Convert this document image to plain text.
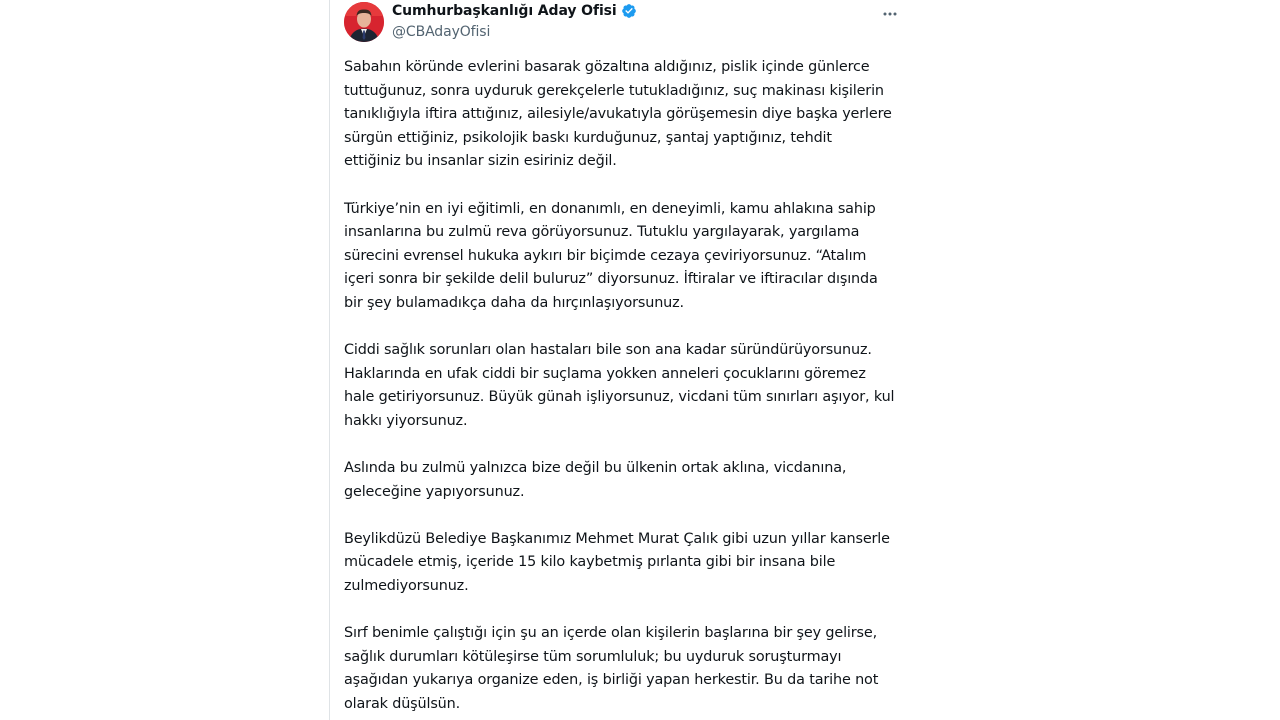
Cumhurbaşkanlığı Aday Ofisi
@CBAdayOfisi

Sabahın köründe evlerini basarak gözaltına aldığınız, pislik içinde günlerce
tuttuğunuz, sonra uyduruk gerekçelerle tutukladığınız, suç makinası kişilerin
tanıklığıyla iftira attığınız, ailesiyle/avukatıyla görüşemesin diye başka yerlere
sürgün ettiğiniz, psikolojik baskı kurduğunuz, şantaj yaptığınız, tehdit
ettiğiniz bu insanlar sizin esiriniz değil.

Türkiye’nin en iyi eğitimli, en donanımlı, en deneyimli, kamu ahlakına sahip
insanlarına bu zulmü reva görüyorsunuz. Tutuklu yargılayarak, yargılama
sürecini evrensel hukuka aykırı bir biçimde cezaya çeviriyorsunuz. “Atalım
içeri sonra bir şekilde delil buluruz” diyorsunuz. İftiralar ve iftiracılar dışında
bir şey bulamadıkça daha da hırçınlaşıyorsunuz.

Ciddi sağlık sorunları olan hastaları bile son ana kadar süründürüyorsunuz.
Haklarında en ufak ciddi bir suçlama yokken anneleri çocuklarını göremez
hale getiriyorsunuz. Büyük günah işliyorsunuz, vicdani tüm sınırları aşıyor, kul
hakkı yiyorsunuz.

Aslında bu zulmü yalnızca bize değil bu ülkenin ortak aklına, vicdanına,
geleceğine yapıyorsunuz.

Beylikdüzü Belediye Başkanımız Mehmet Murat Çalık gibi uzun yıllar kanserle
mücadele etmiş, içeride 15 kilo kaybetmiş pırlanta gibi bir insana bile
zulmediyorsunuz.

Sırf benimle çalıştığı için şu an içerde olan kişilerin başlarına bir şey gelirse,
sağlık durumları kötüleşirse tüm sorumluluk; bu uyduruk soruşturmayı
aşağıdan yukarıya organize eden, iş birliği yapan herkestir. Bu da tarihe not
olarak düşülsün.
